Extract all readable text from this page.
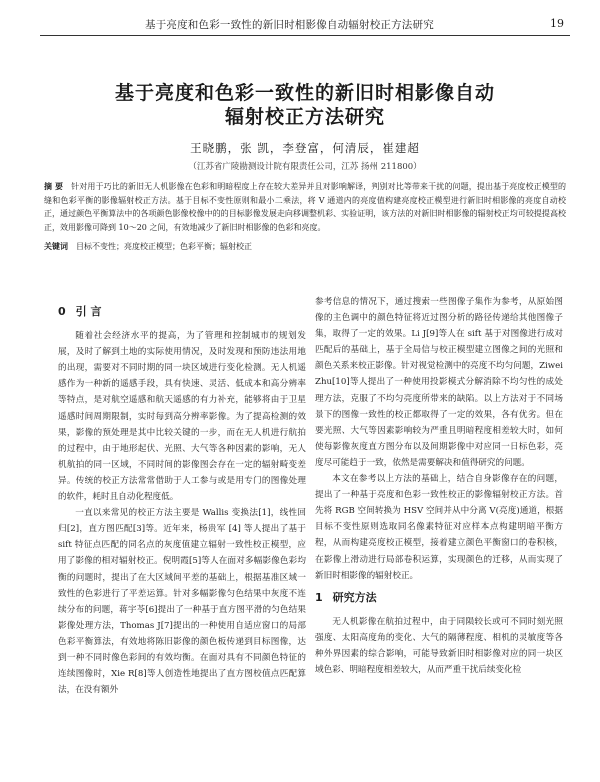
基于亮度和色彩一致性的新旧时相影像自动辐射校正方法研究	19
基于亮度和色彩一致性的新旧时相影像自动
辐射校正方法研究
王晓鹏，张 凯，李登富，何清辰，崔建超
（江苏省广陵勘测设计院有限责任公司，江苏 扬州 211800）
摘 要 针对用于巧比的新旧无人机影像在色彩和明暗程度上存在较大差异并且对影响解译，判别对比等带来干扰的问题，提出基于亮度校正模型的缝和色彩平衡的影像辐射校正方法。基于目标不变性原则和最小二乘法，将 V 通道内的亮度值构建亮度校正模型进行新旧时相影像的亮度自动校正，通过颜色平衡算法中的各项颜色影像校像中的的目标影像发展走向移调整机彩、实验证明，该方法的对新旧时相影像的辐射校正均可较提提高校正，效用影像可降到 10～20 之间，有效地减少了新旧时相影像的色彩和亮度。
关键词 目标不变性；亮度校正模型；色彩平衡；辐射校正
0 引 言

随着社会经济水平的提高，为了管理和控制城市的规划发展，及时了解到土地的实际使用情况，及时发现和预防违法用地的出现，需要对不同时期的同一块区域进行变化检测。无人机遥感作为一种新的遥感手段，具有快速、灵活、低成本和高分辨率等特点，是对航空遥感和航天遥感的有力补充，能够将由于卫星遥感时间周期限制，实时每到高分辨率影像。为了提高检测的效果，影像的预处理是其中比较关键的一步，而在无人机进行航拍的过程中，由于地形起伏、光照、大气等各种因素的影响，无人机航拍的同一区域，不同时间的影像图会存在一定的辐射畸变差异。传统的校正方法常常借助于人工参与或是用专门的图像处理的软件，耗时且自动化程度低。

一直以来常见的校正方法主要是 Wallis 变换法[1]，线性回归[2]，直方图匹配[3]等。近年来，杨贵军 [4] 等人提出了基于 sift 特征点匹配的同名点的灰度值建立辐射一致性校正模型，应用了影像的相对辐射校正。倪明霞[5]等人在面对多幅影像色彩均衡的问题时，提出了在大区域间平差的基础上，根据基准区域一致性的色彩进行了平差运算。针对多幅影像匀色结果中灰度不连续分布的问题，蒋宇苓[6]提出了一种基于直方图平滑的匀色结果影像处理方法，Thomas J[7]提出的一种使用自适应窗口的局部色彩平衡算法，有效地将陈旧影像的颜色板传递到目标图像，达到一种不同时像色彩间的有效均衡。在面对具有不同颜色特征的连续图像时，Xie R[8]等人创造性地提出了直方图校值点匹配算法，在没有额外

参考信息的情况下，通过搜索一些图像子集作为参考，从原始图像的主色调中的颜色特征将近过图分析的路径传递给其他图像子集，取得了一定的效果。Li J[9]等人在 sift 基于对图像进行成对匹配后的基础上，基于全局信与校正模型建立图像之间的光照和颜色关系来校正影像。针对视觉检测中的亮度不均匀问题，Ziwei Zhu[10]等人提出了一种使用投影模式分解消除不均匀性的成处理方法，克服了不均匀亮度所带来的缺陷。以上方法对于不同场景下的图像一致性的校正都取得了一定的效果，各有优劣。但在要光照、大气等因素影响较为严重且明暗程度相差较大时，如何使每影像灰度直方图分布以及间期影像中对应同一日标色彩，亮度尽可能趋于一致，依然是需要解决和值得研究的问题。

本文在参考以上方法的基础上，结合自身影像存在的问题，提出了一种基于亮度和色彩一致性校正的影像辐射校正方法。首先将 RGB 空间转换为 HSV 空间并从中分离 V(亮度)通道，根据目标不变性原则选取同名像素特征对应样本点构建明暗平衡方程，从而构建亮度校正模型，接着建立颜色平衡窗口的卷积核，在影像上滑动进行局部卷积运算，实现颜色的迁移，从而实现了新旧时相影像的辐射校正。

1 研究方法

无人机影像在航拍过程中，由于同陨较长或可不同时刻光照强度、太阳高度角的变化、大气的隔薄程度、相机的灵敏度等各种外界因素的综合影响，可能导致新旧时相影像对应的同一块区域色彩、明暗程度相差较大，从而严重干扰后续变化检
